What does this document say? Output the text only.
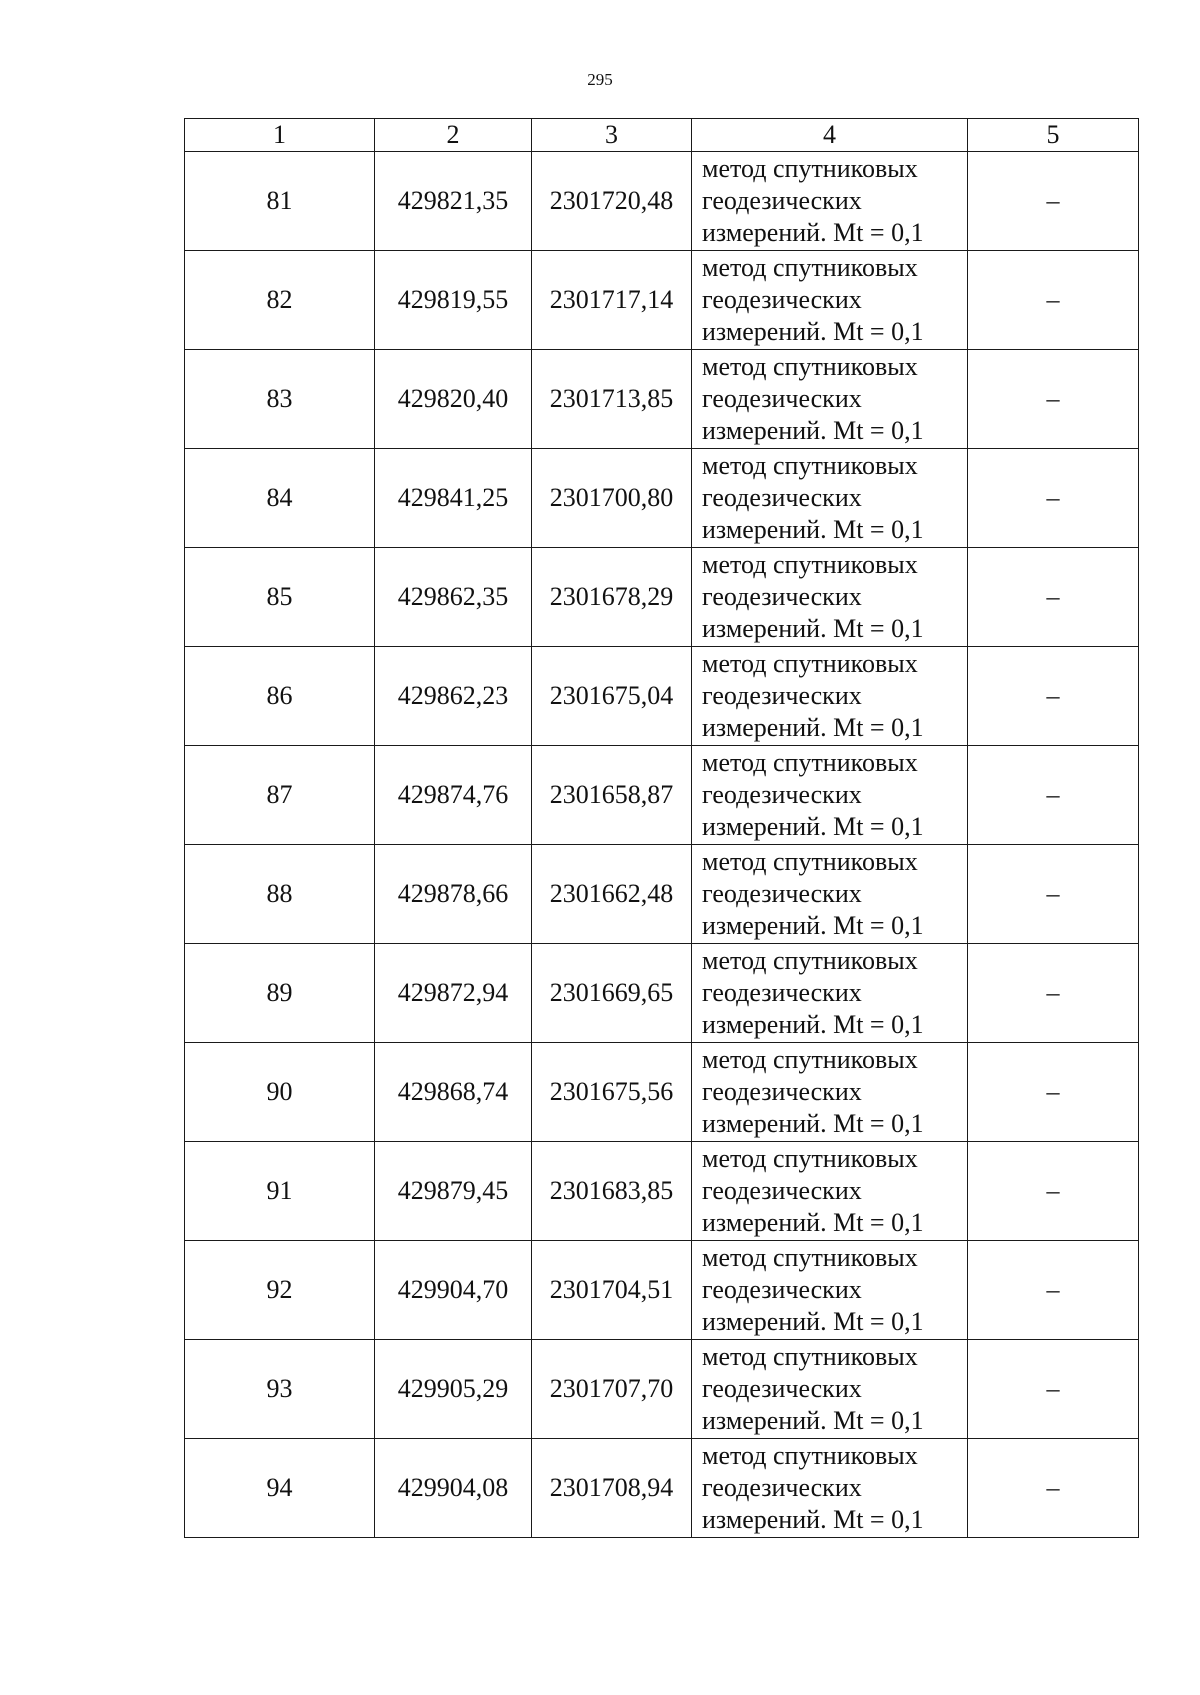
295
1	2	3	4	5
81	429821,35	2301720,48	метод спутниковых
геодезических
измерений. Mt = 0,1	–
82	429819,55	2301717,14	метод спутниковых
геодезических
измерений. Mt = 0,1	–
83	429820,40	2301713,85	метод спутниковых
геодезических
измерений. Mt = 0,1	–
84	429841,25	2301700,80	метод спутниковых
геодезических
измерений. Mt = 0,1	–
85	429862,35	2301678,29	метод спутниковых
геодезических
измерений. Mt = 0,1	–
86	429862,23	2301675,04	метод спутниковых
геодезических
измерений. Mt = 0,1	–
87	429874,76	2301658,87	метод спутниковых
геодезических
измерений. Mt = 0,1	–
88	429878,66	2301662,48	метод спутниковых
геодезических
измерений. Mt = 0,1	–
89	429872,94	2301669,65	метод спутниковых
геодезических
измерений. Mt = 0,1	–
90	429868,74	2301675,56	метод спутниковых
геодезических
измерений. Mt = 0,1	–
91	429879,45	2301683,85	метод спутниковых
геодезических
измерений. Mt = 0,1	–
92	429904,70	2301704,51	метод спутниковых
геодезических
измерений. Mt = 0,1	–
93	429905,29	2301707,70	метод спутниковых
геодезических
измерений. Mt = 0,1	–
94	429904,08	2301708,94	метод спутниковых
геодезических
измерений. Mt = 0,1	–
